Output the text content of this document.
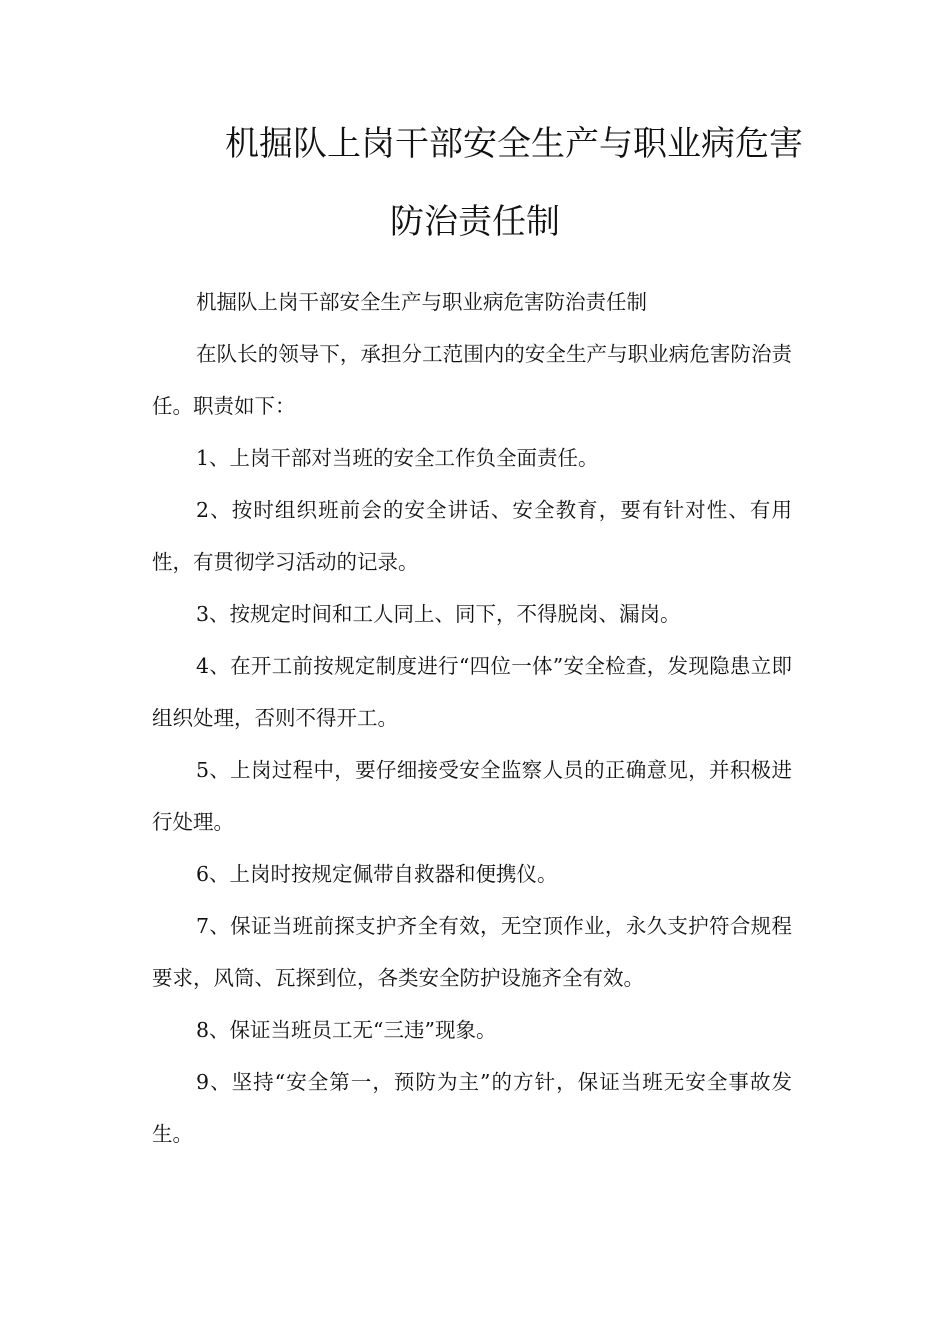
机掘队上岗干部安全生产与职业病危害
防治责任制

机掘队上岗干部安全生产与职业病危害防治责任制

在队长的领导下，承担分工范围内的安全生产与职业病危害防治责任。职责如下：

1、上岗干部对当班的安全工作负全面责任。

2、按时组织班前会的安全讲话、安全教育，要有针对性、有用性，有贯彻学习活动的记录。

3、按规定时间和工人同上、同下，不得脱岗、漏岗。

4、在开工前按规定制度进行“四位一体”安全检查，发现隐患立即组织处理，否则不得开工。

5、上岗过程中，要仔细接受安全监察人员的正确意见，并积极进行处理。

6、上岗时按规定佩带自救器和便携仪。

7、保证当班前探支护齐全有效，无空顶作业，永久支护符合规程要求，风筒、瓦探到位，各类安全防护设施齐全有效。

8、保证当班员工无“三违”现象。

9、坚持“安全第一，预防为主”的方针，保证当班无安全事故发生。
